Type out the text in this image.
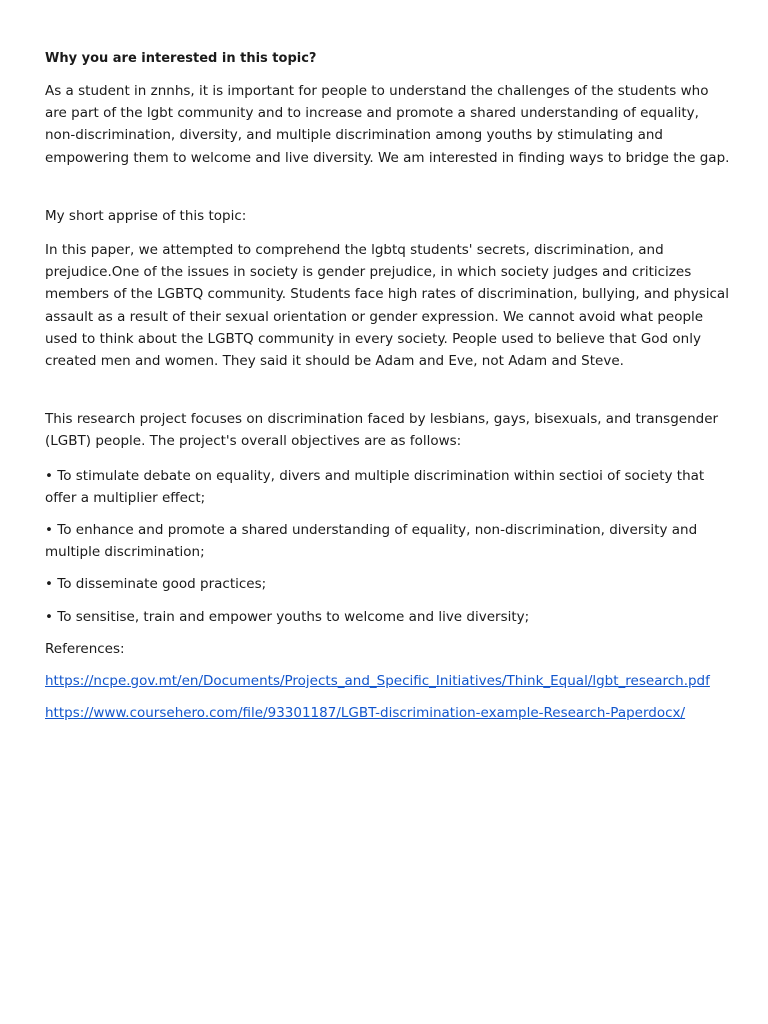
Why you are interested in this topic?

As a student in znnhs, it is important for people to understand the challenges of the students who are part of the lgbt community and to increase and promote a shared understanding of equality, non-discrimination, diversity, and multiple discrimination among youths by stimulating and empowering them to welcome and live diversity. We am interested in finding ways to bridge the gap.

My short apprise of this topic:

In this paper, we attempted to comprehend the lgbtq students' secrets, discrimination, and prejudice.One of the issues in society is gender prejudice, in which society judges and criticizes members of the LGBTQ community. Students face high rates of discrimination, bullying, and physical assault as a result of their sexual orientation or gender expression. We cannot avoid what people used to think about the LGBTQ community in every society. People used to believe that God only created men and women. They said it should be Adam and Eve, not Adam and Steve.

This research project focuses on discrimination faced by lesbians, gays, bisexuals, and transgender (LGBT) people. The project's overall objectives are as follows:

• To stimulate debate on equality, divers and multiple discrimination within sectioi of society that offer a multiplier effect;
• To enhance and promote a shared understanding of equality, non-discrimination, diversity and multiple discrimination;
• To disseminate good practices;
• To sensitise, train and empower youths to welcome and live diversity;

References:

https://ncpe.gov.mt/en/Documents/Projects_and_Specific_Initiatives/Think_Equal/lgbt_research.pdf
https://www.coursehero.com/file/93301187/LGBT-discrimination-example-Research-Paperdocx/
